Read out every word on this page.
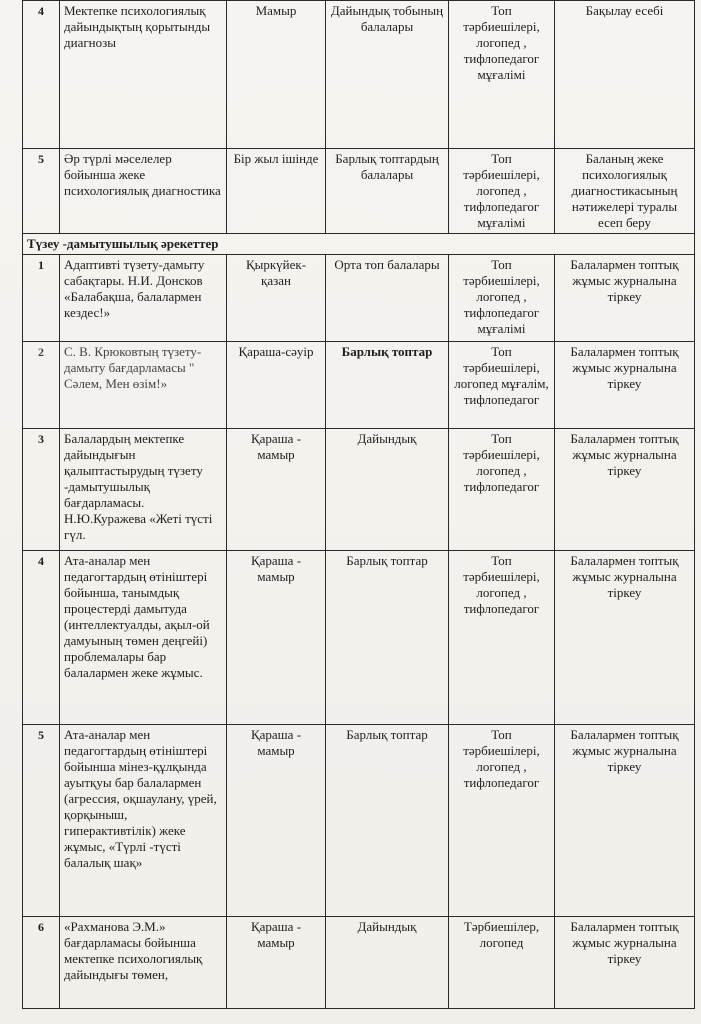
4	Мектепке психологиялық дайындықтың қорытынды диагнозы	Мамыр	Дайындық тобының балалары	Топ тәрбиешілері, логопед , тифлопедагог мұғалімі	Бақылау есебі
5	Әр түрлі мәселелер бойынша жеке психологиялық диагностика	Бір жыл ішінде	Барлық топтардың балалары	Топ тәрбиешілері, логопед , тифлопедагог мұғалімі	Баланың жеке психологиялық диагностикасының нәтижелері туралы есеп беру
Түзеу -дамытушылық әрекеттер					
1	Адаптивті түзету-дамыту сабақтары. Н.И. Донсков «Балабақша, балалармен кездес!»	Қыркүйек-қазан	Орта топ балалары	Топ тәрбиешілері, логопед , тифлопедагог мұғалімі	Балалармен топтық жұмыс журналына тіркеу
2	С. В. Крюковтың түзету-дамыту бағдарламасы " Сәлем, Мен өзім!»	Қараша-сәуір	Барлық топтар	Топ тәрбиешілері, логопед мұғалім, тифлопедагог	Балалармен топтық жұмыс журналына тіркеу
3	Балалардың мектепке дайындығын қалыптастырудың түзету -дамытушылық бағдарламасы. Н.Ю.Куражева «Жеті түсті гүл.	Қараша - мамыр	Дайындық	Топ тәрбиешілері, логопед , тифлопедагог	Балалармен топтық жұмыс журналына тіркеу
4	Ата-аналар мен педагогтардың өтініштері бойынша, танымдық процестерді дамытуда (интеллектуалды, ақыл-ой дамуының төмен деңгейі) проблемалары бар балалармен жеке жұмыс.	Қараша - мамыр	Барлық топтар	Топ тәрбиешілері, логопед , тифлопедагог	Балалармен топтық жұмыс журналына тіркеу
5	Ата-аналар мен педагогтардың өтініштері бойынша мінез-құлқында ауытқуы бар балалармен (агрессия, оқшаулану, үрей, қорқыныш, гиперактивтілік) жеке жұмыс, «Түрлі -түсті балалық шақ»	Қараша - мамыр	Барлық топтар	Топ тәрбиешілері, логопед , тифлопедагог	Балалармен топтық жұмыс журналына тіркеу
6	«Рахманова Э.М.» бағдарламасы бойынша мектепке психологиялық дайындығы төмен,	Қараша - мамыр	Дайындық	Тәрбиешілер, логопед	Балалармен топтық жұмыс журналына тіркеу
